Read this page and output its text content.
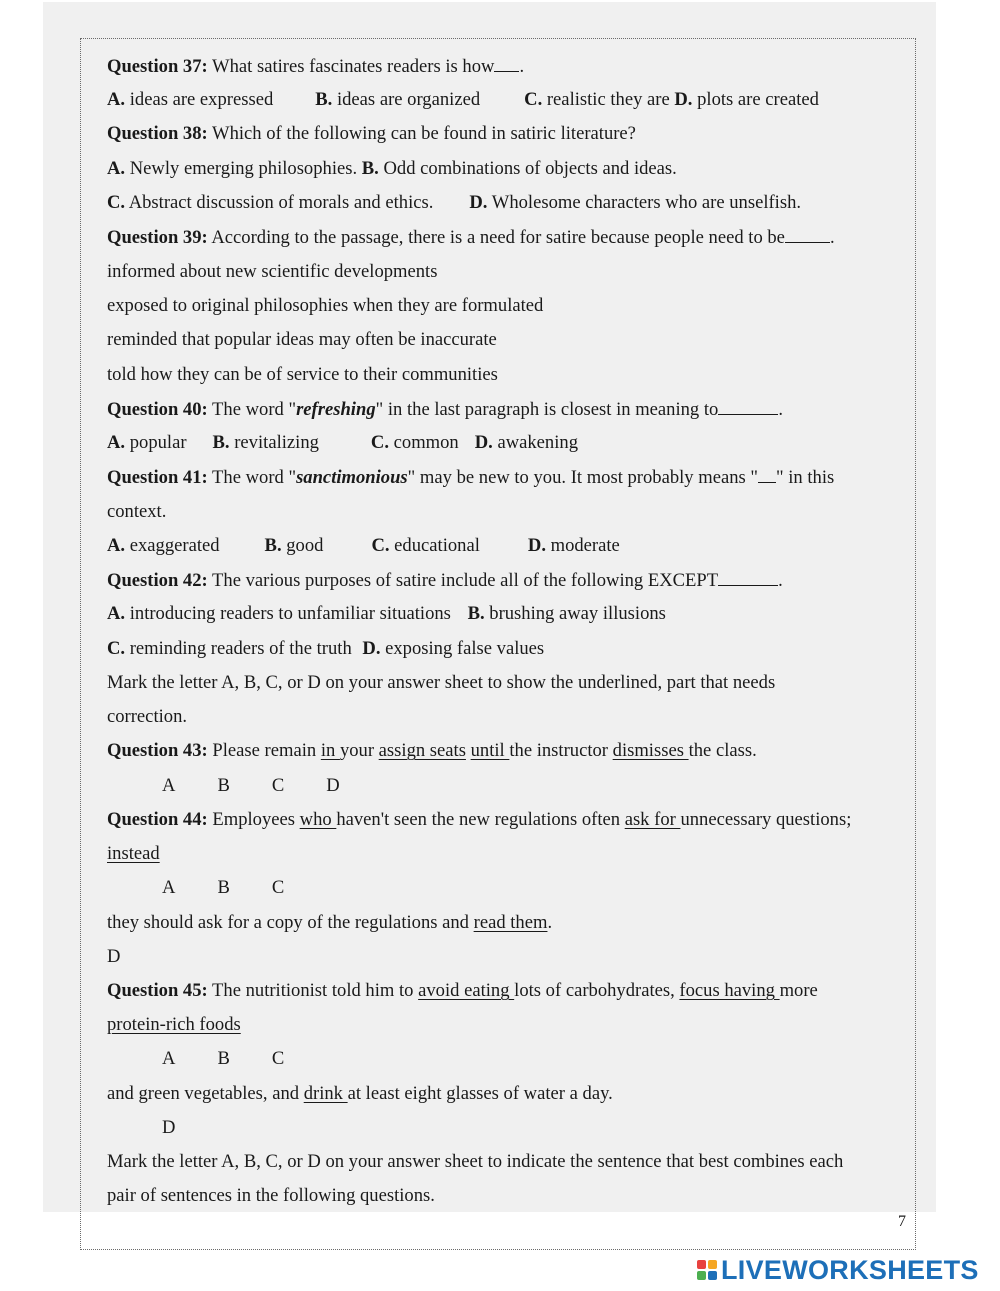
Question 37: What satires fascinates readers is how .
A. ideas are expressed B. ideas are organized C. realistic they are D. plots are created
Question 38: Which of the following can be found in satiric literature?
A. Newly emerging philosophies. B. Odd combinations of objects and ideas.
C. Abstract discussion of morals and ethics. D. Wholesome characters who are unselfish.
Question 39: According to the passage, there is a need for satire because people need to be .
informed about new scientific developments
exposed to original philosophies when they are formulated
reminded that popular ideas may often be inaccurate
told how they can be of service to their communities
Question 40: The word "refreshing" in the last paragraph is closest in meaning to	.
A. popular B. revitalizing	C. common D. awakening
Question 41: The word "sanctimonious" may be new to you. It most probably means " " in this
context.
A. exaggerated B. good	C. educational	D. moderate
Question 42: The various purposes of satire include all of the following EXCEPT	.
A. introducing readers to unfamiliar situations B. brushing away illusions
C. reminding readers of the truth D. exposing false values
Mark the letter A, B, C, or D on your answer sheet to show the underlined, part that needs
correction.
Question 43: Please remain in your assign seats until the instructor dismisses the class.
A B C D
Question 44: Employees who haven't seen the new regulations often ask for unnecessary questions;
instead
A B C
they should ask for a copy of the regulations and read them.
D
Question 45: The nutritionist told him to avoid eating lots of carbohydrates, focus having more
protein-rich foods
A B C
and green vegetables, and drink at least eight glasses of water a day.
D
Mark the letter A, B, C, or D on your answer sheet to indicate the sentence that best combines each
pair of sentences in the following questions.
7
LIVEWORKSHEETS
